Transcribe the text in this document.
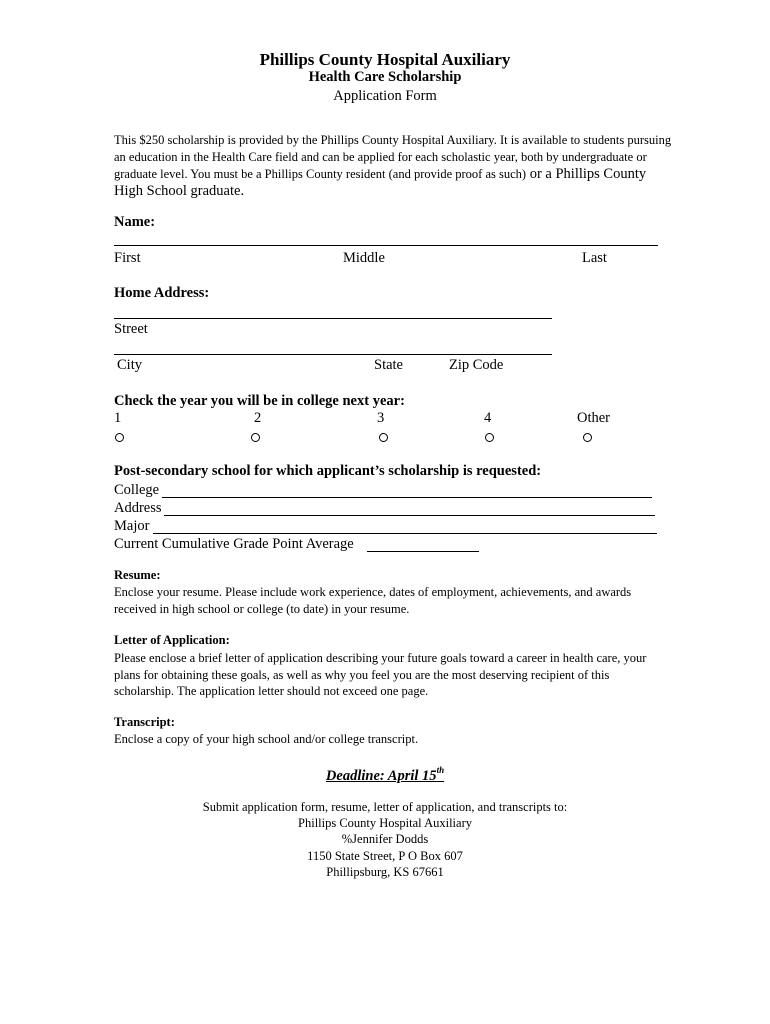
Phillips County Hospital Auxiliary
Health Care Scholarship
Application Form
This $250 scholarship is provided by the Phillips County Hospital Auxiliary. It is available to students pursuing an education in the Health Care field and can be applied for each scholastic year, both by undergraduate or graduate level. You must be a Phillips County resident (and provide proof as such) or a Phillips County High School graduate.
Name:
First	Middle	Last
Home Address:
Street
City	State	Zip Code
Check the year you will be in college next year:
1	2	3	4	Other
Post-secondary school for which applicant’s scholarship is requested:
College
Address
Major
Current Cumulative Grade Point Average
Resume:
Enclose your resume. Please include work experience, dates of employment, achievements, and awards received in high school or college (to date) in your resume.
Letter of Application:
Please enclose a brief letter of application describing your future goals toward a career in health care, your plans for obtaining these goals, as well as why you feel you are the most deserving recipient of this scholarship. The application letter should not exceed one page.
Transcript:
Enclose a copy of your high school and/or college transcript.
Deadline: April 15th
Submit application form, resume, letter of application, and transcripts to:
Phillips County Hospital Auxiliary
%Jennifer Dodds
1150 State Street, P O Box 607
Phillipsburg, KS 67661
